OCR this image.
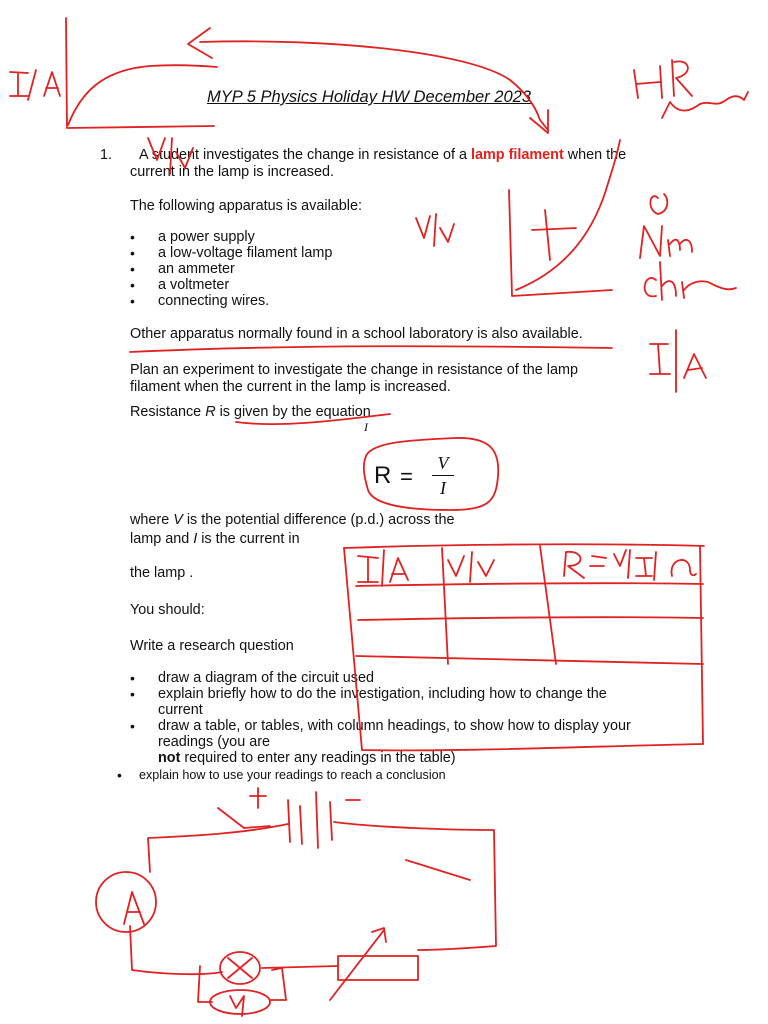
MYP 5 Physics Holiday HW December 2023
1. A student investigates the change in resistance of a lamp filament when the
current in the lamp is increased.
The following apparatus is available:
• a power supply
• a low-voltage filament lamp
• an ammeter
• a voltmeter
• connecting wires.
Other apparatus normally found in a school laboratory is also available.
Plan an experiment to investigate the change in resistance of the lamp
filament when the current in the lamp is increased.
Resistance R is given by the equation
I
R =
V
I
where V is the potential difference (p.d.) across the
lamp and I is the current in
the lamp .
You should:
Write a research question
• draw a diagram of the circuit used
• explain briefly how to do the investigation, including how to change the
current
• draw a table, or tables, with column headings, to show how to display your
readings (you are
not required to enter any readings in the table)
• explain how to use your readings to reach a conclusion
